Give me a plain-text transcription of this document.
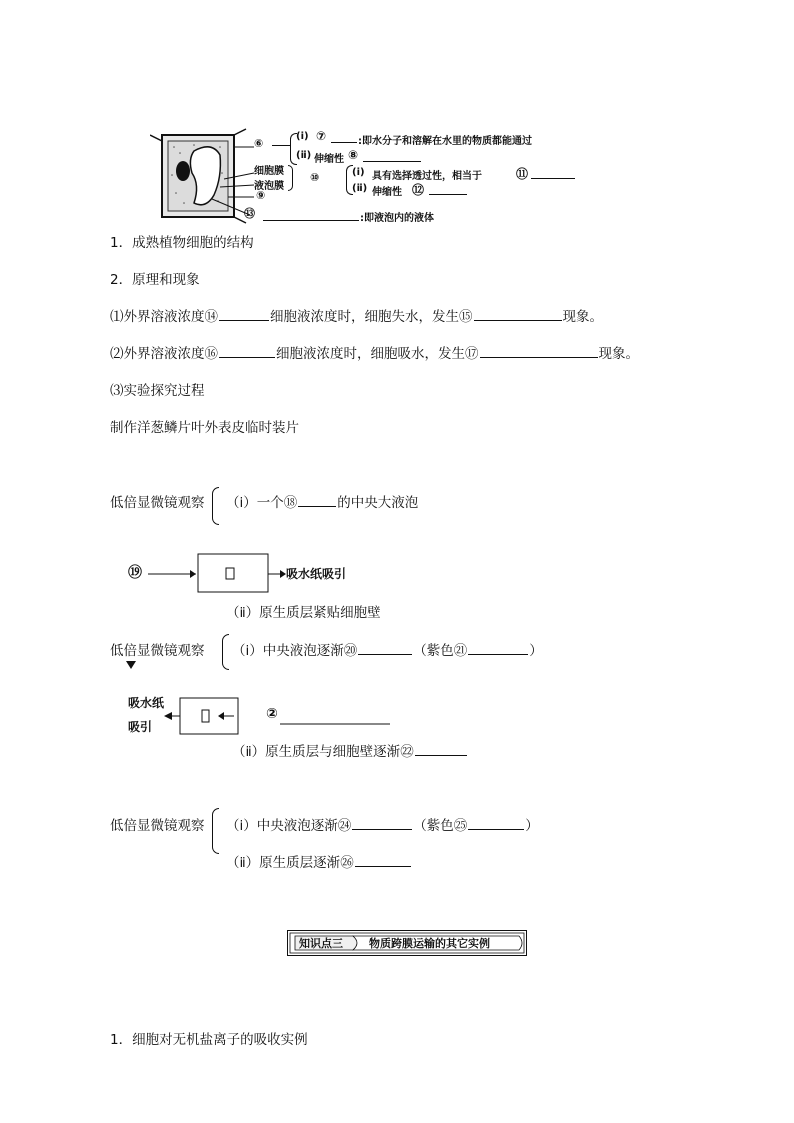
⑥
(ⅰ) ⑦	:即水分子和溶解在水里的物质都能通过
(ⅱ) 伸缩性 ⑧
细胞膜
液泡膜
⑨
⑩	(ⅰ) 具有选择透过性，相当于	⑪
(ⅱ) 伸缩性 ⑫
⑬	:即液泡内的液体
1．成熟植物细胞的结构
2．原理和现象
⑴外界溶液浓度⑭	细胞液浓度时，细胞失水，发生⑮	现象。
⑵外界溶液浓度⑯	细胞液浓度时，细胞吸水，发生⑰	现象。
⑶实验探究过程
制作洋葱鳞片叶外表皮临时装片
低倍显微镜观察 （ⅰ）一个⑱	的中央大液泡
⑲	吸水纸吸引
（ⅱ）原生质层紧贴细胞壁
低倍显微镜观察 （ⅰ）中央液泡逐渐⑳	（紫色㉑	）
吸水纸
吸引
②
（ⅱ）原生质层与细胞壁逐渐㉒
低倍显微镜观察 （ⅰ）中央液泡逐渐㉔	（紫色㉕	）
（ⅱ）原生质层逐渐㉖
知识点三 物质跨膜运输的其它实例
1．细胞对无机盐离子的吸收实例
